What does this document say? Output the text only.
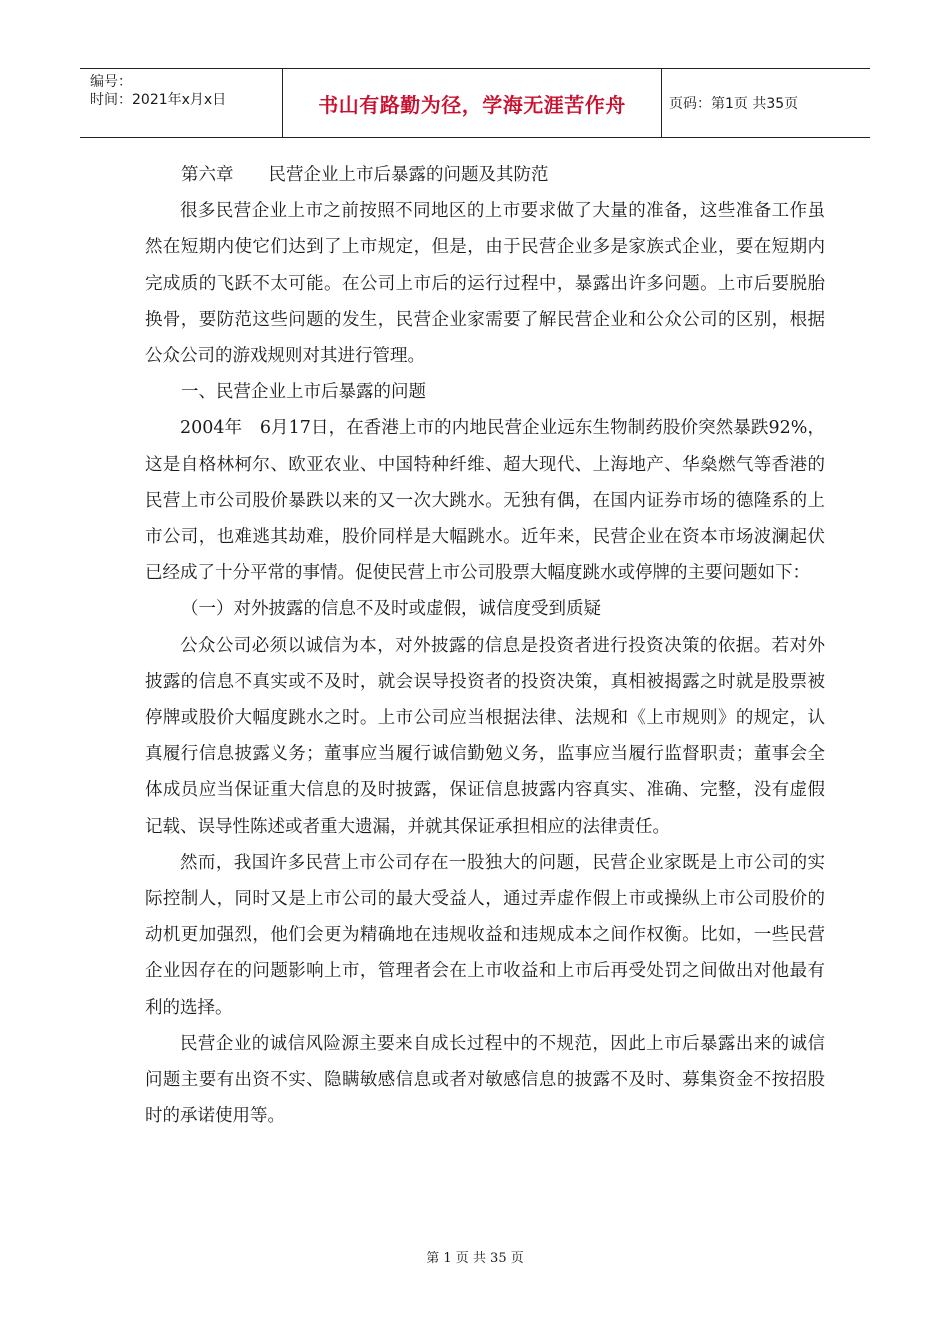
编号：
时间：2021年x月x日	书山有路勤为径，学海无涯苦作舟	页码：第1页 共35页

第六章　　民营企业上市后暴露的问题及其防范

很多民营企业上市之前按照不同地区的上市要求做了大量的准备，这些准备工作虽然在短期内使它们达到了上市规定，但是，由于民营企业多是家族式企业，要在短期内完成质的飞跃不太可能。在公司上市后的运行过程中，暴露出许多问题。上市后要脱胎换骨，要防范这些问题的发生，民营企业家需要了解民营企业和公众公司的区别，根据公众公司的游戏规则对其进行管理。

一、民营企业上市后暴露的问题

2004年　6月17日，在香港上市的内地民营企业远东生物制药股价突然暴跌92%，这是自格林柯尔、欧亚农业、中国特种纤维、超大现代、上海地产、华燊燃气等香港的民营上市公司股价暴跌以来的又一次大跳水。无独有偶，在国内证券市场的德隆系的上市公司，也难逃其劫难，股价同样是大幅跳水。近年来，民营企业在资本市场波澜起伏已经成了十分平常的事情。促使民营上市公司股票大幅度跳水或停牌的主要问题如下：

（一）对外披露的信息不及时或虚假，诚信度受到质疑

公众公司必须以诚信为本，对外披露的信息是投资者进行投资决策的依据。若对外披露的信息不真实或不及时，就会误导投资者的投资决策，真相被揭露之时就是股票被停牌或股价大幅度跳水之时。上市公司应当根据法律、法规和《上市规则》的规定，认真履行信息披露义务；董事应当履行诚信勤勉义务，监事应当履行监督职责；董事会全体成员应当保证重大信息的及时披露，保证信息披露内容真实、准确、完整，没有虚假记载、误导性陈述或者重大遗漏，并就其保证承担相应的法律责任。

然而，我国许多民营上市公司存在一股独大的问题，民营企业家既是上市公司的实际控制人，同时又是上市公司的最大受益人，通过弄虚作假上市或操纵上市公司股价的动机更加强烈，他们会更为精确地在违规收益和违规成本之间作权衡。比如，一些民营企业因存在的问题影响上市，管理者会在上市收益和上市后再受处罚之间做出对他最有利的选择。

民营企业的诚信风险源主要来自成长过程中的不规范，因此上市后暴露出来的诚信问题主要有出资不实、隐瞒敏感信息或者对敏感信息的披露不及时、募集资金不按招股时的承诺使用等。

第 1 页 共 35 页
